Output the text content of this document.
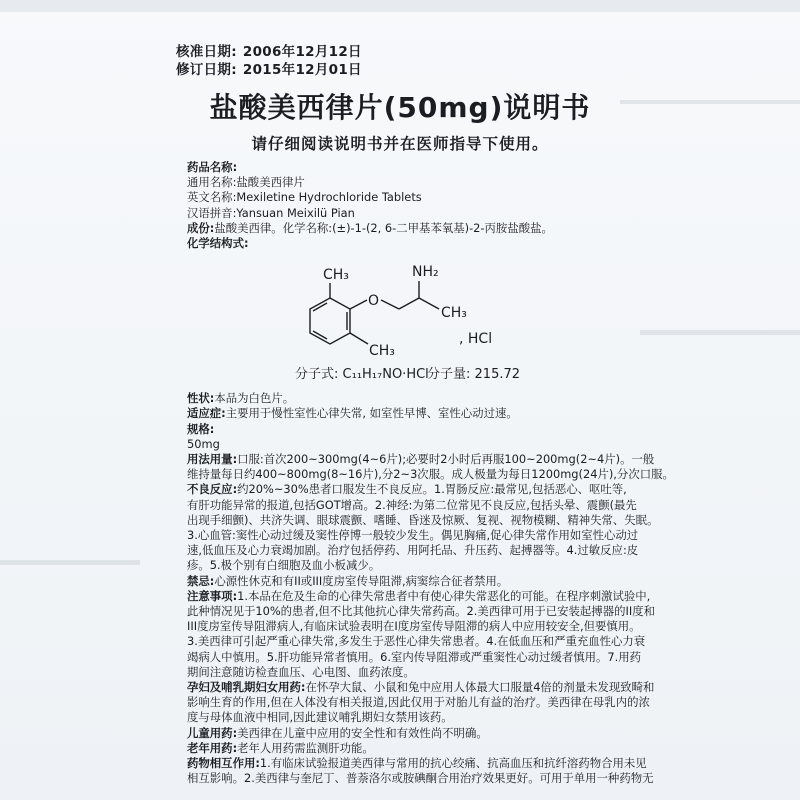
核准日期: 2006年12月12日
修订日期: 2015年12月01日
盐酸美西律片(50mg)说明书
请仔细阅读说明书并在医师指导下使用。
药品名称:
通用名称:盐酸美西律片
英文名称:Mexiletine Hydrochloride Tablets
汉语拼音:Yansuan Meixilü Pian
成份:盐酸美西律。化学名称:(±)-1-(2, 6-二甲基苯氧基)-2-丙胺盐酸盐。
化学结构式:
CH₃	NH₂
O
CH₃
CH₃
, HCl
分子式: C₁₁H₁₇NO·HCl
分子量: 215.72
性状:本品为白色片。
适应症:主要用于慢性室性心律失常, 如室性早博、室性心动过速。
规格:
50mg
用法用量:口服:首次200~300mg(4~6片);必要时2小时后再服100~200mg(2~4片)。一般
维持量每日约400~800mg(8~16片),分2~3次服。成人极量为每日1200mg(24片),分次口服。
不良反应:约20%~30%患者口服发生不良反应。1.胃肠反应:最常见,包括恶心、呕吐等,
有肝功能异常的报道,包括GOT增高。2.神经:为第二位常见不良反应,包括头晕、震颤(最先
出现手细颤)、共济失调、眼球震颤、嗜睡、昏迷及惊厥、复视、视物模糊、精神失常、失眠。
3.心血管:窦性心动过缓及窦性停博一般较少发生。偶见胸痛,促心律失常作用如室性心动过
速,低血压及心力衰竭加剧。治疗包括停药、用阿托品、升压药、起搏器等。4.过敏反应:皮
疹。5.极个别有白细胞及血小板减少。
禁忌:心源性休克和有II或III度房室传导阻滞,病窦综合征者禁用。
注意事项:1.本品在危及生命的心律失常患者中有使心律失常恶化的可能。在程序刺激试验中,
此种情况见于10%的患者,但不比其他抗心律失常药高。2.美西律可用于已安装起搏器的II度和
III度房室传导阻滞病人,有临床试验表明在I度房室传导阻滞的病人中应用较安全,但要慎用。
3.美西律可引起严重心律失常,多发生于恶性心律失常患者。4.在低血压和严重充血性心力衰
竭病人中慎用。5.肝功能异常者慎用。6.室内传导阻滞或严重窦性心动过缓者慎用。7.用药
期间注意随访检查血压、心电图、血药浓度。
孕妇及哺乳期妇女用药:在怀孕大鼠、小鼠和兔中应用人体最大口服量4倍的剂量未发现致畸和
影响生育的作用,但在人体没有相关报道,因此仅用于对胎儿有益的治疗。美西律在母乳内的浓
度与母体血液中相同,因此建议哺乳期妇女禁用该药。
儿童用药:美西律在儿童中应用的安全性和有效性尚不明确。
老年用药:老年人用药需监测肝功能。
药物相互作用:1.有临床试验报道美西律与常用的抗心绞痛、抗高血压和抗纤溶药物合用未见
相互影响。2.美西律与奎尼丁、普萘洛尔或胺碘酮合用治疗效果更好。可用于单用一种药物无
